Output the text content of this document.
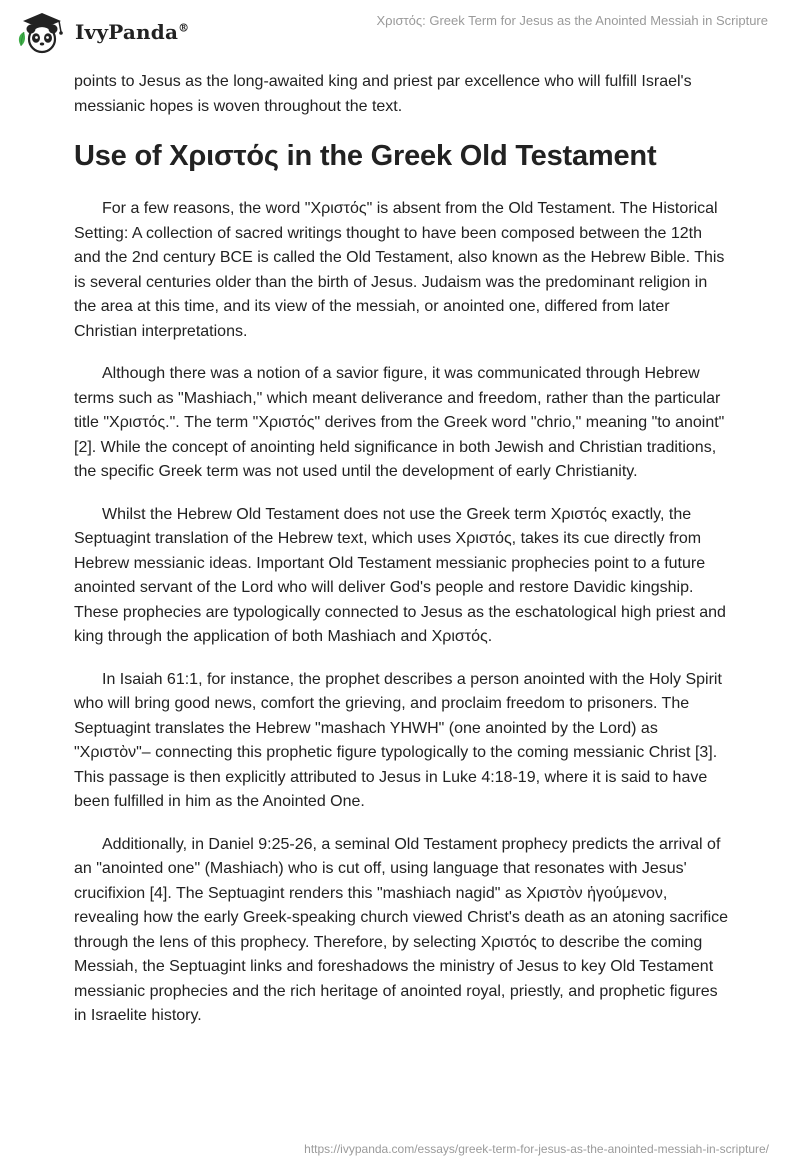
IvyPanda®	Χριστός: Greek Term for Jesus as the Anointed Messiah in Scripture

points to Jesus as the long-awaited king and priest par excellence who will fulfill Israel's messianic hopes is woven throughout the text.

Use of Χριστός in the Greek Old Testament

For a few reasons, the word "Χριστός" is absent from the Old Testament. The Historical Setting: A collection of sacred writings thought to have been composed between the 12th and the 2nd century BCE is called the Old Testament, also known as the Hebrew Bible. This is several centuries older than the birth of Jesus. Judaism was the predominant religion in the area at this time, and its view of the messiah, or anointed one, differed from later Christian interpretations.

Although there was a notion of a savior figure, it was communicated through Hebrew terms such as "Mashiach," which meant deliverance and freedom, rather than the particular title "Χριστός.". The term "Χριστός" derives from the Greek word "chrio," meaning "to anoint" [2]. While the concept of anointing held significance in both Jewish and Christian traditions, the specific Greek term was not used until the development of early Christianity.

Whilst the Hebrew Old Testament does not use the Greek term Χριστός exactly, the Septuagint translation of the Hebrew text, which uses Χριστός, takes its cue directly from Hebrew messianic ideas. Important Old Testament messianic prophecies point to a future anointed servant of the Lord who will deliver God's people and restore Davidic kingship. These prophecies are typologically connected to Jesus as the eschatological high priest and king through the application of both Mashiach and Χριστός.

In Isaiah 61:1, for instance, the prophet describes a person anointed with the Holy Spirit who will bring good news, comfort the grieving, and proclaim freedom to prisoners. The Septuagint translates the Hebrew "mashach YHWH" (one anointed by the Lord) as "Χριστὸν"– connecting this prophetic figure typologically to the coming messianic Christ [3]. This passage is then explicitly attributed to Jesus in Luke 4:18-19, where it is said to have been fulfilled in him as the Anointed One.

Additionally, in Daniel 9:25-26, a seminal Old Testament prophecy predicts the arrival of an "anointed one" (Mashiach) who is cut off, using language that resonates with Jesus' crucifixion [4]. The Septuagint renders this "mashiach nagid" as Χριστὸν ἡγούμενον, revealing how the early Greek-speaking church viewed Christ's death as an atoning sacrifice through the lens of this prophecy. Therefore, by selecting Χριστός to describe the coming Messiah, the Septuagint links and foreshadows the ministry of Jesus to key Old Testament messianic prophecies and the rich heritage of anointed royal, priestly, and prophetic figures in Israelite history.

https://ivypanda.com/essays/greek-term-for-jesus-as-the-anointed-messiah-in-scripture/
